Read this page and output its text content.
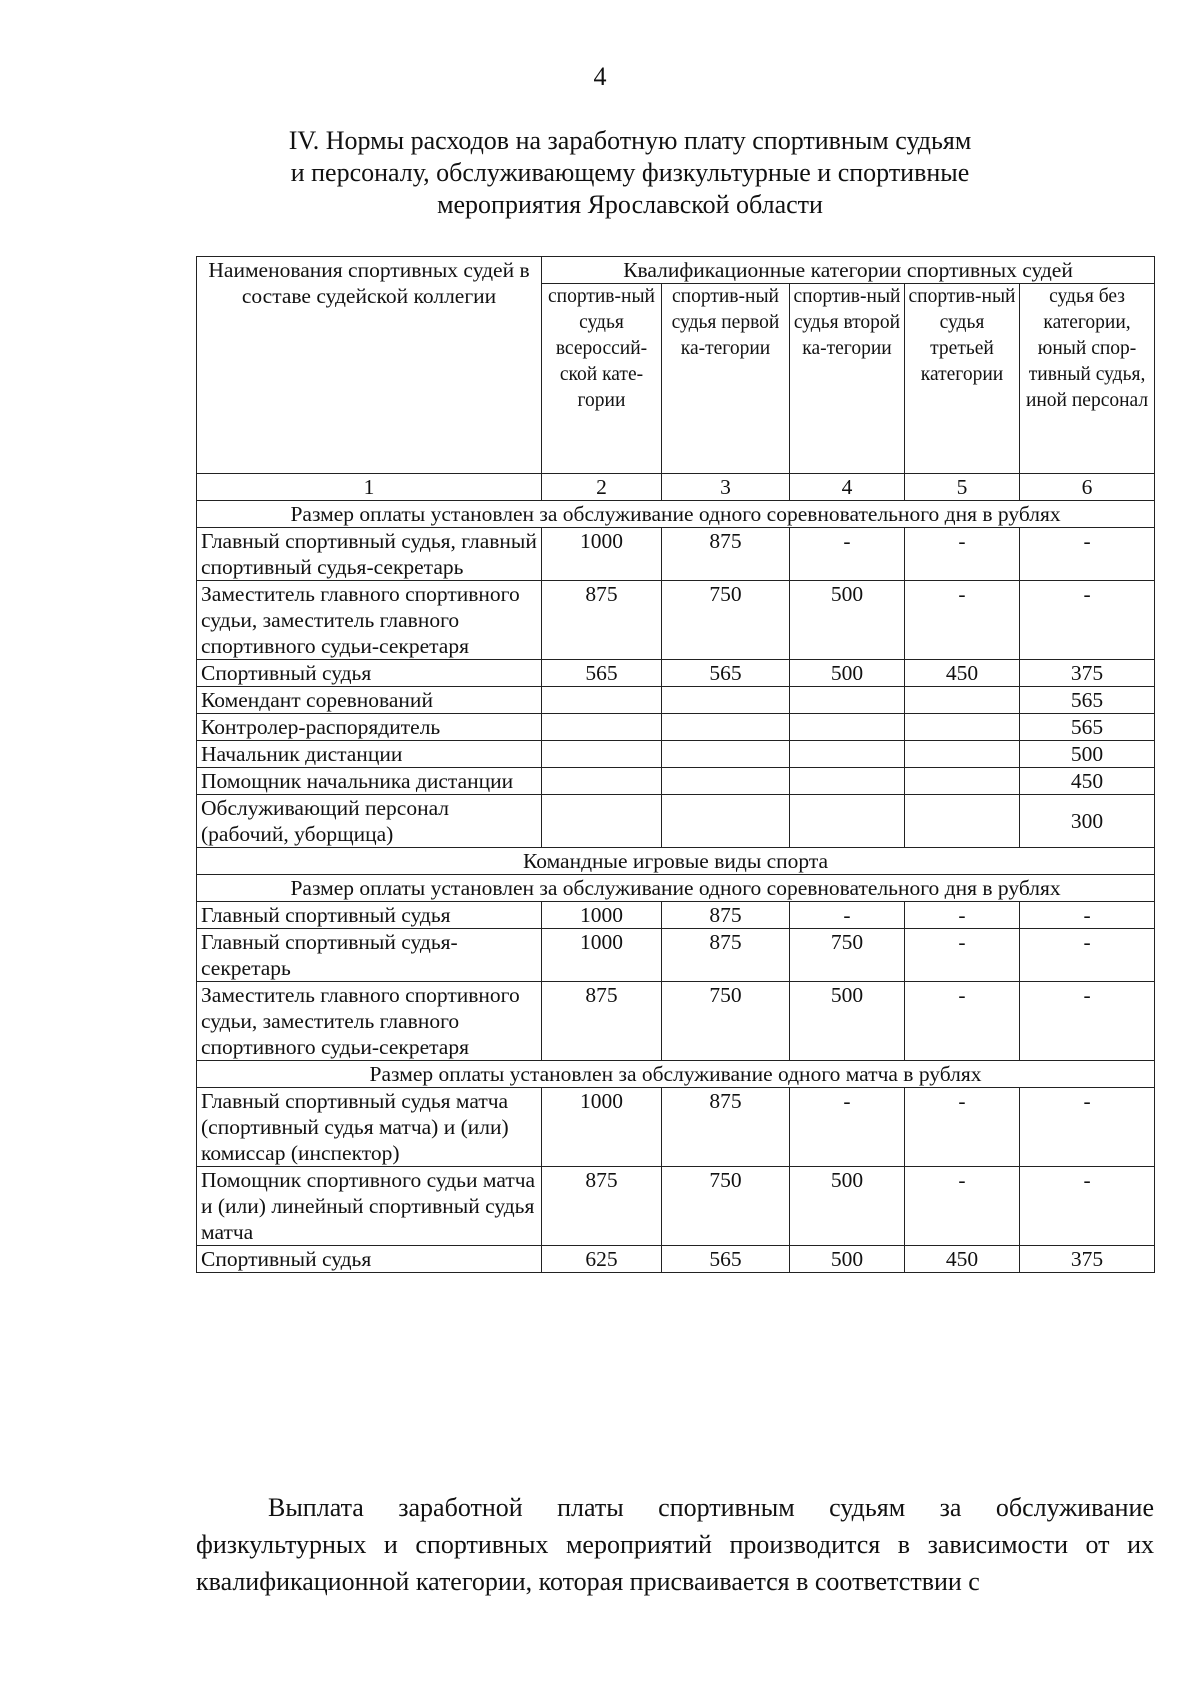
4
IV. Нормы расходов на заработную плату спортивным судьям
и персоналу, обслуживающему физкультурные и спортивные
мероприятия Ярославской области
Наименования спортивных судей в составе судейской коллегии	Квалификационные категории спортивных судей				
	спортив-ный судья всероссий-ской кате-гории	спортив-ный судья первой ка-тегории	спортив-ный судья второй ка-тегории	спортив-ный судья третьей категории	судья без категории, юный спор-тивный судья, иной персонал
1	2	3	4	5	6
Размер оплаты установлен за обслуживание одного соревновательного дня в рублях					
Главный спортивный судья, главный спортивный судья-секретарь	1000	875	-	-	-
Заместитель главного спортивного судьи, заместитель главного спортивного судьи-секретаря	875	750	500	-	-
Спортивный судья	565	565	500	450	375
Комендант соревнований					565
Контролер-распорядитель					565
Начальник дистанции					500
Помощник начальника дистанции					450
Обслуживающий персонал (рабочий, уборщица)					300
Командные игровые виды спорта					
Размер оплаты установлен за обслуживание одного соревновательного дня в рублях					
Главный спортивный судья	1000	875	-	-	-
Главный спортивный судья-секретарь	1000	875	750	-	-
Заместитель главного спортивного судьи, заместитель главного спортивного судьи-секретаря	875	750	500	-	-
Размер оплаты установлен за обслуживание одного матча в рублях					
Главный спортивный судья матча (спортивный судья матча) и (или) комиссар (инспектор)	1000	875	-	-	-
Помощник спортивного судьи матча и (или) линейный спортивный судья матча	875	750	500	-	-
Спортивный судья	625	565	500	450	375
Выплата заработной платы спортивным судьям за обслуживание физкультурных и спортивных мероприятий производится в зависимости от их квалификационной категории, которая присваивается в соответствии с
